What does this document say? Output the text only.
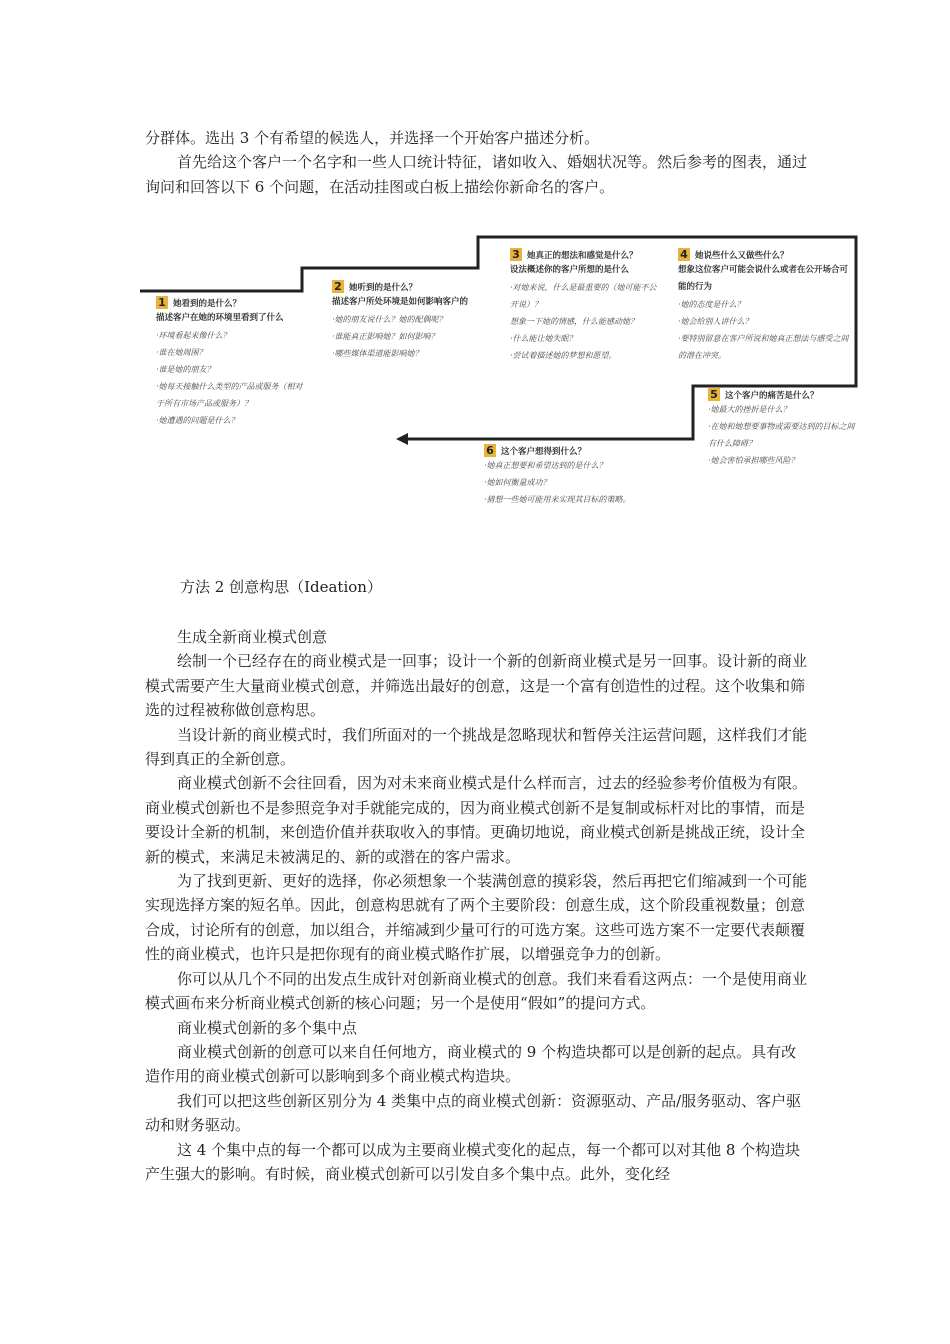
分群体。选出 3 个有希望的候选人，并选择一个开始客户描述分析。

首先给这个客户一个名字和一些人口统计特征，诸如收入、婚姻状况等。然后参考的图表，通过询问和回答以下 6 个问题，在活动挂图或白板上描绘你新命名的客户。

1 她看到的是什么？
描述客户在她的环境里看到了什么

·环境看起来像什么？

·谁在她周围？

·谁是她的朋友？

·她每天接触什么类型的产品或服务（相对于所有市场产品或服务）？

·她遭遇的问题是什么？

2 她听到的是什么？
描述客户所处环境是如何影响客户的

·她的朋友说什么？她的配偶呢？

·谁能真正影响她？如何影响？

·哪些媒体渠道能影响她？

3 她真正的想法和感觉是什么？
设法概述你的客户所想的是什么

·对她来说，什么是最重要的（她可能不公开说）？

想象一下她的情感，什么能感动她？

·什么能让她失眠？

·尝试着描述她的梦想和愿望。

4 她说些什么又做些什么？
想象这位客户可能会说什么或者在公开场合可能的行为

·她的态度是什么？

·她会给别人讲什么？

·要特别留意在客户所说和她真正想法与感受之间的潜在冲突。

5 这个客户的痛苦是什么？

·她最大的挫折是什么？

·在她和她想要事物或需要达到的目标之间有什么障碍？

·她会害怕承担哪些风险？

6 这个客户想得到什么？

·她真正想要和希望达到的是什么？

·她如何衡量成功？

·猜想一些她可能用来实现其目标的策略。

方法 2 创意构思（Ideation）

生成全新商业模式创意

绘制一个已经存在的商业模式是一回事；设计一个新的创新商业模式是另一回事。设计新的商业模式需要产生大量商业模式创意，并筛选出最好的创意，这是一个富有创造性的过程。这个收集和筛选的过程被称做创意构思。

当设计新的商业模式时，我们所面对的一个挑战是忽略现状和暂停关注运营问题，这样我们才能得到真正的全新创意。

商业模式创新不会往回看，因为对未来商业模式是什么样而言，过去的经验参考价值极为有限。商业模式创新也不是参照竞争对手就能完成的，因为商业模式创新不是复制或标杆对比的事情，而是要设计全新的机制，来创造价值并获取收入的事情。更确切地说，商业模式创新是挑战正统，设计全新的模式，来满足未被满足的、新的或潜在的客户需求。

为了找到更新、更好的选择，你必须想象一个装满创意的摸彩袋，然后再把它们缩减到一个可能实现选择方案的短名单。因此，创意构思就有了两个主要阶段：创意生成，这个阶段重视数量；创意合成，讨论所有的创意，加以组合，并缩减到少量可行的可选方案。这些可选方案不一定要代表颠覆性的商业模式，也许只是把你现有的商业模式略作扩展，以增强竞争力的创新。

你可以从几个不同的出发点生成针对创新商业模式的创意。我们来看看这两点：一个是使用商业模式画布来分析商业模式创新的核心问题；另一个是使用“假如”的提问方式。

商业模式创新的多个集中点

商业模式创新的创意可以来自任何地方，商业模式的 9 个构造块都可以是创新的起点。具有改造作用的商业模式创新可以影响到多个商业模式构造块。

我们可以把这些创新区别分为 4 类集中点的商业模式创新：资源驱动、产品/服务驱动、客户驱动和财务驱动。

这 4 个集中点的每一个都可以成为主要商业模式变化的起点，每一个都可以对其他 8 个构造块产生强大的影响。有时候，商业模式创新可以引发自多个集中点。此外，变化经
